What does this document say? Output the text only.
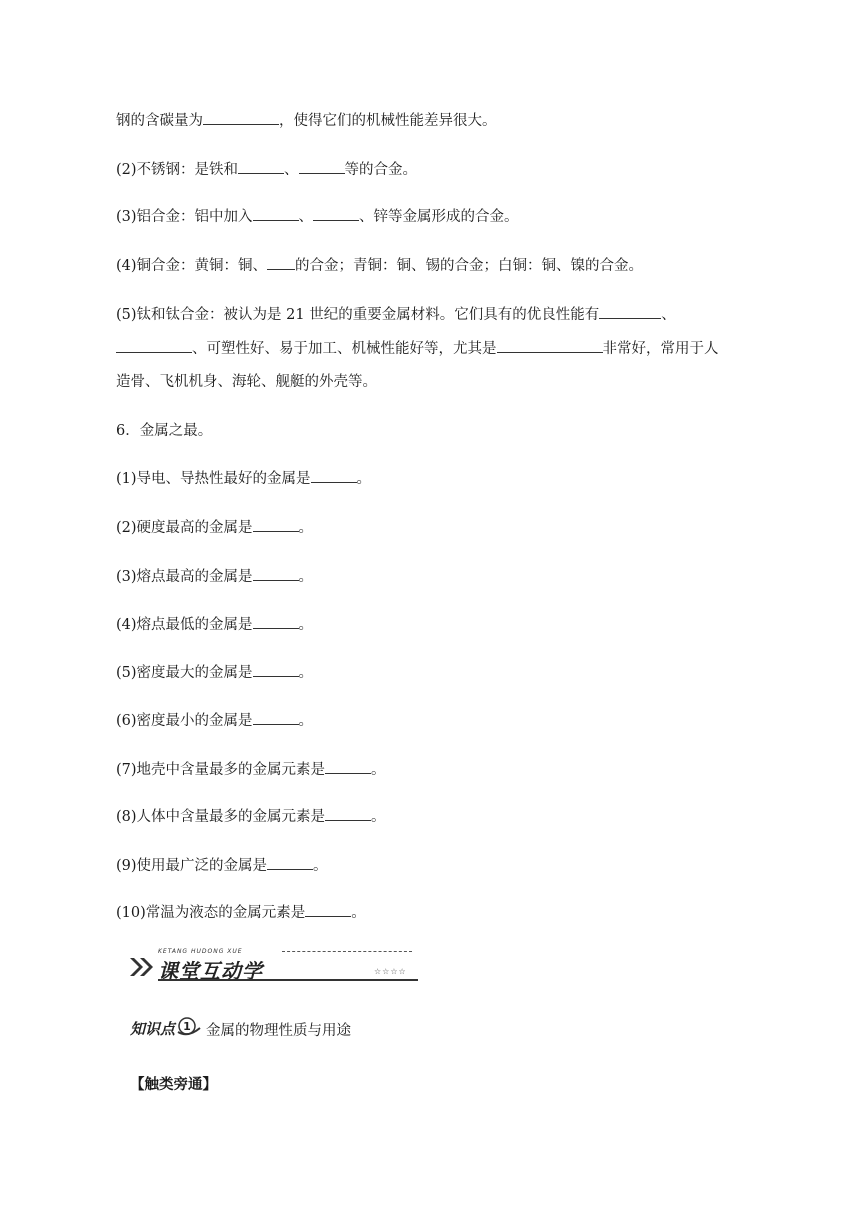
钢的含碳量为	，使得它们的机械性能差异很大。
(2)不锈钢：是铁和	、	等的合金。
(3)铝合金：铝中加入	、	、锌等金属形成的合金。
(4)铜合金：黄铜：铜、 的合金；青铜：铜、锡的合金；白铜：铜、镍的合金。
(5)钛和钛合金：被认为是 21 世纪的重要金属材料。它们具有的优良性能有	、
、可塑性好、易于加工、机械性能好等，尤其是	非常好，常用于人
造骨、飞机机身、海轮、舰艇的外壳等。
6．金属之最。
(1)导电、导热性最好的金属是	。
(2)硬度最高的金属是	。
(3)熔点最高的金属是	。
(4)熔点最低的金属是	。
(5)密度最大的金属是	。
(6)密度最小的金属是	。
(7)地壳中含量最多的金属元素是	。
(8)人体中含量最多的金属元素是	。
(9)使用最广泛的金属是	。
(10)常温为液态的金属元素是	。
KETANG HUDONG XUE
课堂互动学	☆☆☆☆
知识点 1 金属的物理性质与用途
【触类旁通】
